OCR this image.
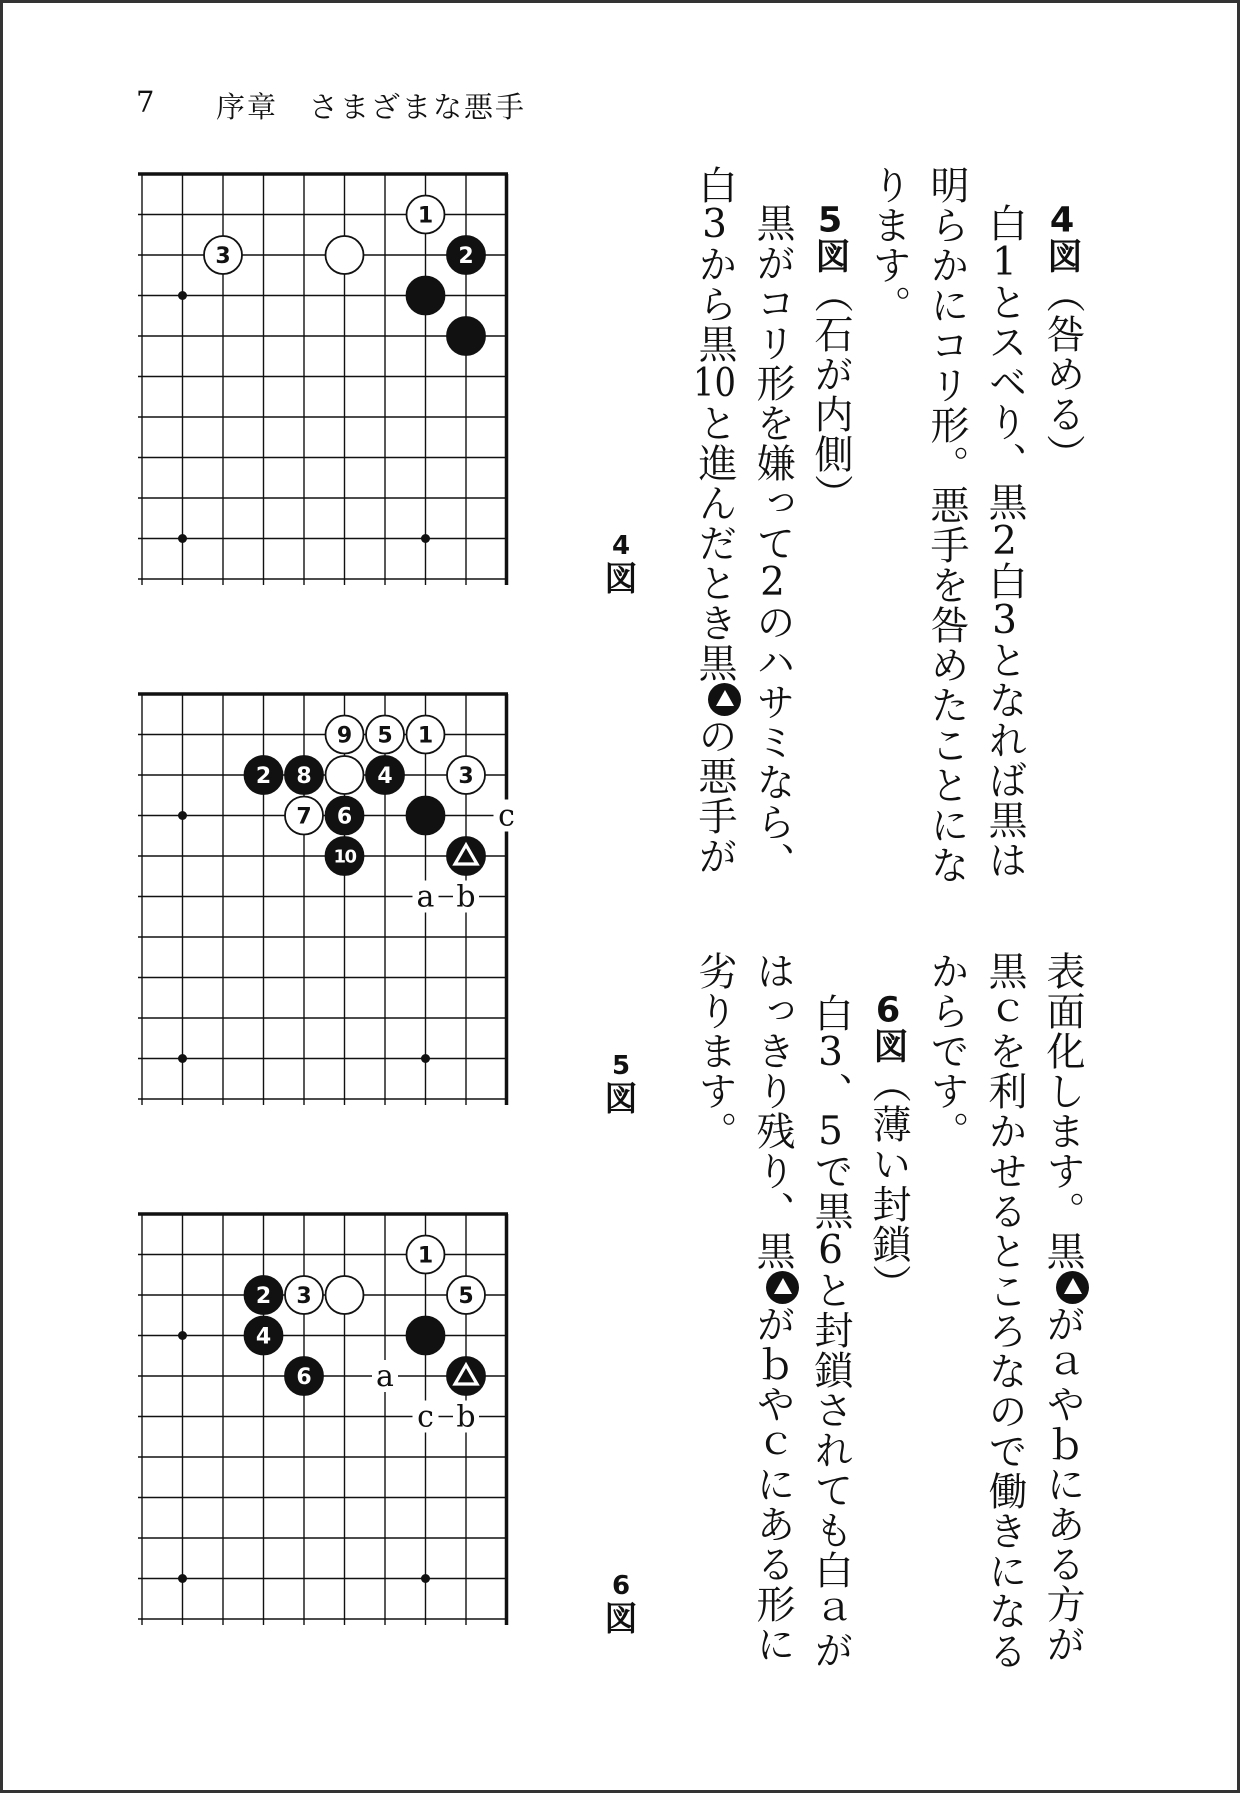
7 序章　さまざまな悪手
1
2
3
4
図
c
a b
1
5
9
2 8	4	3
7 6
10
5
図
a
c b
1
2 3	5
4
6
6
図
4図（咎める）
白1とスベり、黒2白3となれば黒は
明らかにコリ形。悪手を咎めたことにな
ります。
5図（石が内側）
黒がコリ形を嫌って2のハサミなら、
白3から黒10と進んだとき黒の悪手が
表面化します。黒がａやｂにある方が
黒ｃを利かせるところなので働きになる
からです。
6図（薄い封鎖）
白3、5で黒6と封鎖されても白ａが
はっきり残り、黒がｂやｃにある形に
劣ります。
